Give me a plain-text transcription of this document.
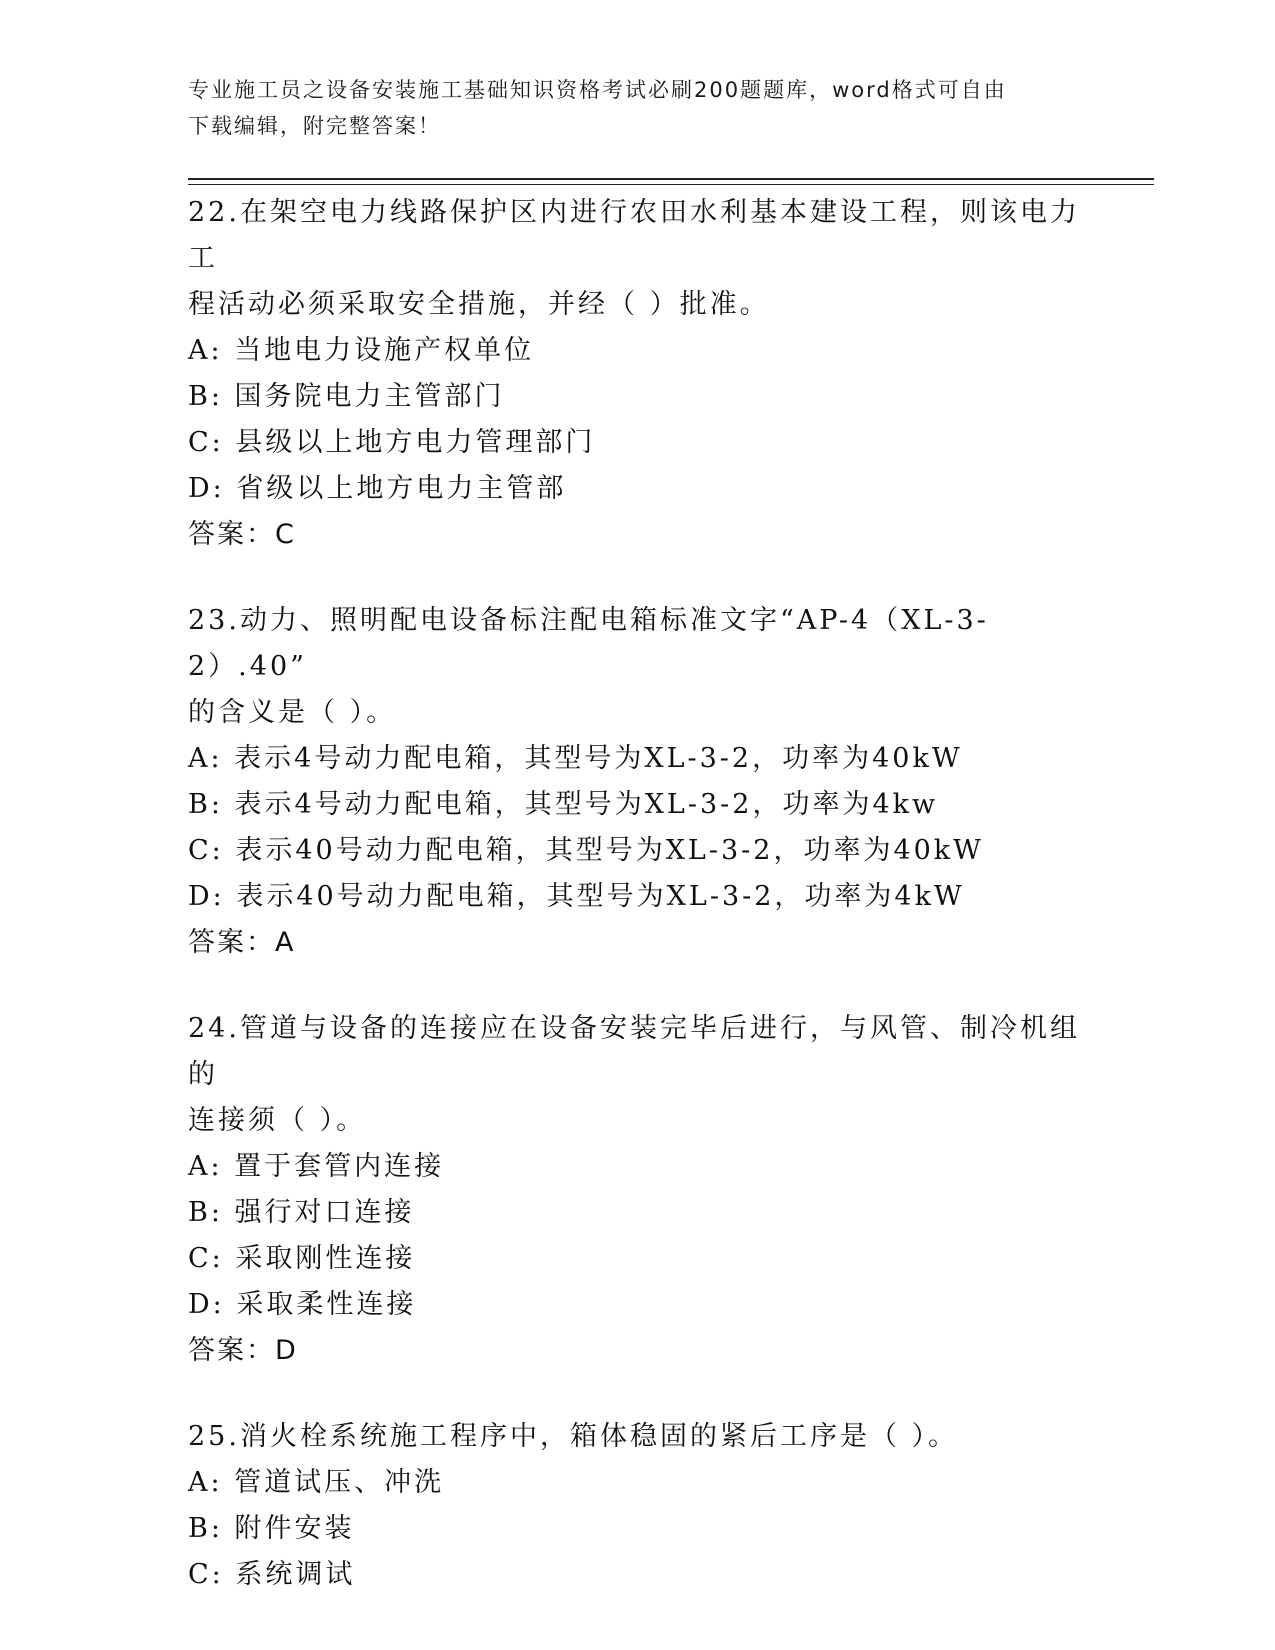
专业施工员之设备安装施工基础知识资格考试必刷200题题库，word格式可自由
下载编辑，附完整答案！

22.在架空电力线路保护区内进行农田水利基本建设工程，则该电力工

程活动必须采取安全措施，并经（ ）批准。

A: 当地电力设施产权单位

B: 国务院电力主管部门

C: 县级以上地方电力管理部门

D: 省级以上地方电力主管部

答案：C

23.动力、照明配电设备标注配电箱标准文字“AP-4（XL-3-2）.40”

的含义是（ ）。

A: 表示4号动力配电箱，其型号为XL-3-2，功率为40kW

B: 表示4号动力配电箱，其型号为XL-3-2，功率为4kw

C: 表示40号动力配电箱，其型号为XL-3-2，功率为40kW

D: 表示40号动力配电箱，其型号为XL-3-2，功率为4kW

答案：A

24.管道与设备的连接应在设备安装完毕后进行，与风管、制冷机组的

连接须（ ）。

A: 置于套管内连接

B: 强行对口连接

C: 采取刚性连接

D: 采取柔性连接

答案：D

25.消火栓系统施工程序中，箱体稳固的紧后工序是（ ）。

A: 管道试压、冲洗

B: 附件安装

C: 系统调试
